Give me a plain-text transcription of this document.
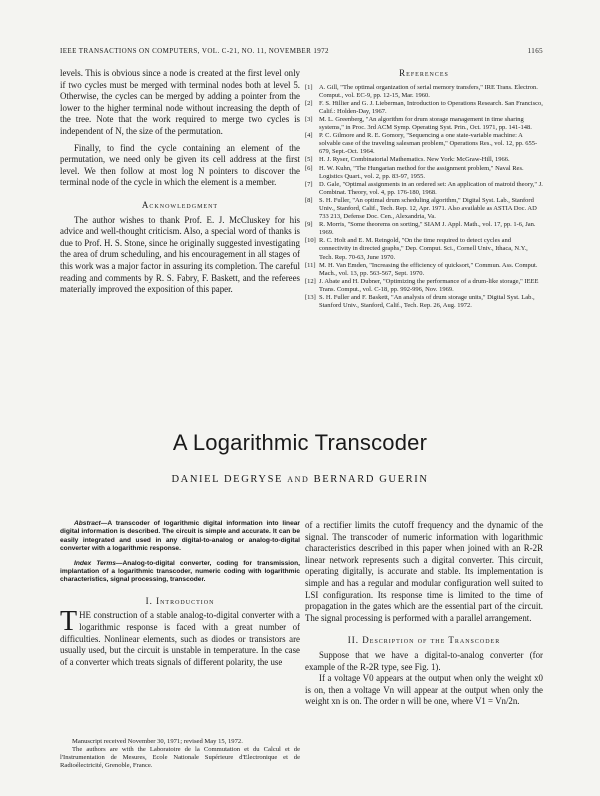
IEEE TRANSACTIONS ON COMPUTERS, VOL. C-21, NO. 11, NOVEMBER 1972	1165

levels. This is obvious since a node is created at the first level only if two cycles must be merged with terminal nodes both at level 5. Otherwise, the cycles can be merged by adding a pointer from the lower to the higher terminal node without increasing the depth of the tree. Note that the work required to merge two cycles is independent of N, the size of the permutation.

Finally, to find the cycle containing an element of the permutation, we need only be given its cell address at the first level. We then follow at most log N pointers to discover the terminal node of the cycle in which the element is a member.

Acknowledgment

The author wishes to thank Prof. E. J. McCluskey for his advice and well-thought criticism. Also, a special word of thanks is due to Prof. H. S. Stone, since he originally suggested investigating the area of drum scheduling, and his encouragement in all stages of this work was a major factor in assuring its completion. The careful reading and comments by R. S. Fabry, F. Baskett, and the referees materially improved the exposition of this paper.

References
[1] A. Gill, "The optimal organization of serial memory transfers," IRE Trans. Electron. Comput., vol. EC-9, pp. 12-15, Mar. 1960.
[2] F. S. Hillier and G. J. Lieberman, Introduction to Operations Research. San Francisco, Calif.: Holden-Day, 1967.
[3] M. L. Greenberg, "An algorithm for drum storage management in time sharing systems," in Proc. 3rd ACM Symp. Operating Syst. Prin., Oct. 1971, pp. 141-148.
[4] P. C. Gilmore and R. E. Gomory, "Sequencing a one state-variable machine: A solvable case of the traveling salesman problem," Operations Res., vol. 12, pp. 655-679, Sept.-Oct. 1964.
[5] H. J. Ryser, Combinatorial Mathematics. New York: McGraw-Hill, 1966.
[6] H. W. Kuhn, "The Hungarian method for the assignment problem," Naval Res. Logistics Quart., vol. 2, pp. 83-97, 1955.
[7] D. Gale, "Optimal assignments in an ordered set: An application of matroid theory," J. Combinat. Theory, vol. 4, pp. 176-180, 1968.
[8] S. H. Fuller, "An optimal drum scheduling algorithm," Digital Syst. Lab., Stanford Univ., Stanford, Calif., Tech. Rep. 12, Apr. 1971. Also available as ASTIA Doc. AD 733 213, Defense Doc. Cen., Alexandria, Va.
[9] R. Morris, "Some theorems on sorting," SIAM J. Appl. Math., vol. 17, pp. 1-6, Jan. 1969.
[10] R. C. Holt and E. M. Reingold, "On the time required to detect cycles and connectivity in directed graphs," Dep. Comput. Sci., Cornell Univ., Ithaca, N.Y., Tech. Rep. 70-63, June 1970.
[11] M. H. Van Emden, "Increasing the efficiency of quicksort," Commun. Ass. Comput. Mach., vol. 13, pp. 563-567, Sept. 1970.
[12] J. Abate and H. Dubner, "Optimizing the performance of a drum-like storage," IEEE Trans. Comput., vol. C-18, pp. 992-996, Nov. 1969.
[13] S. H. Fuller and F. Baskett, "An analysis of drum storage units," Digital Syst. Lab., Stanford Univ., Stanford, Calif., Tech. Rep. 26, Aug. 1972.
A Logarithmic Transcoder
DANIEL DEGRYSE AND BERNARD GUERIN

Abstract—A transcoder of logarithmic digital information into linear digital information is described. The circuit is simple and accurate. It can be easily integrated and used in any digital-to-analog or analog-to-digital converter with a logarithmic response.

Index Terms—Analog-to-digital converter, coding for transmission, implantation of a logarithmic transcoder, numeric coding with logarithmic characteristics, signal processing, transcoder.

I. Introduction

THE construction of a stable analog-to-digital converter with a logarithmic response is faced with a great number of difficulties. Nonlinear elements, such as diodes or transistors are usually used, but the circuit is unstable in temperature. In the case of a converter which treats signals of different polarity, the use

Manuscript received November 30, 1971; revised May 15, 1972.

The authors are with the Laboratoire de la Commutation et du Calcul et de l'Instrumentation de Mesures, Ecole Nationale Supérieure d'Electronique et de Radioélectricité, Grenoble, France.

of a rectifier limits the cutoff frequency and the dynamic of the signal. The transcoder of numeric information with logarithmic characteristics described in this paper when joined with an R-2R linear network represents such a digital converter. This circuit, operating digitally, is accurate and stable. Its implementation is simple and has a regular and modular configuration well suited to LSI configuration. Its response time is limited to the time of propagation in the gates which are the essential part of the circuit. The signal processing is performed with a parallel arrangement.

II. Description of the Transcoder

Suppose that we have a digital-to-analog converter (for example of the R-2R type, see Fig. 1).

If a voltage V0 appears at the output when only the weight x0 is on, then a voltage Vn will appear at the output when only the weight xn is on. The order n will be one, where V1 = Vn/2n.
